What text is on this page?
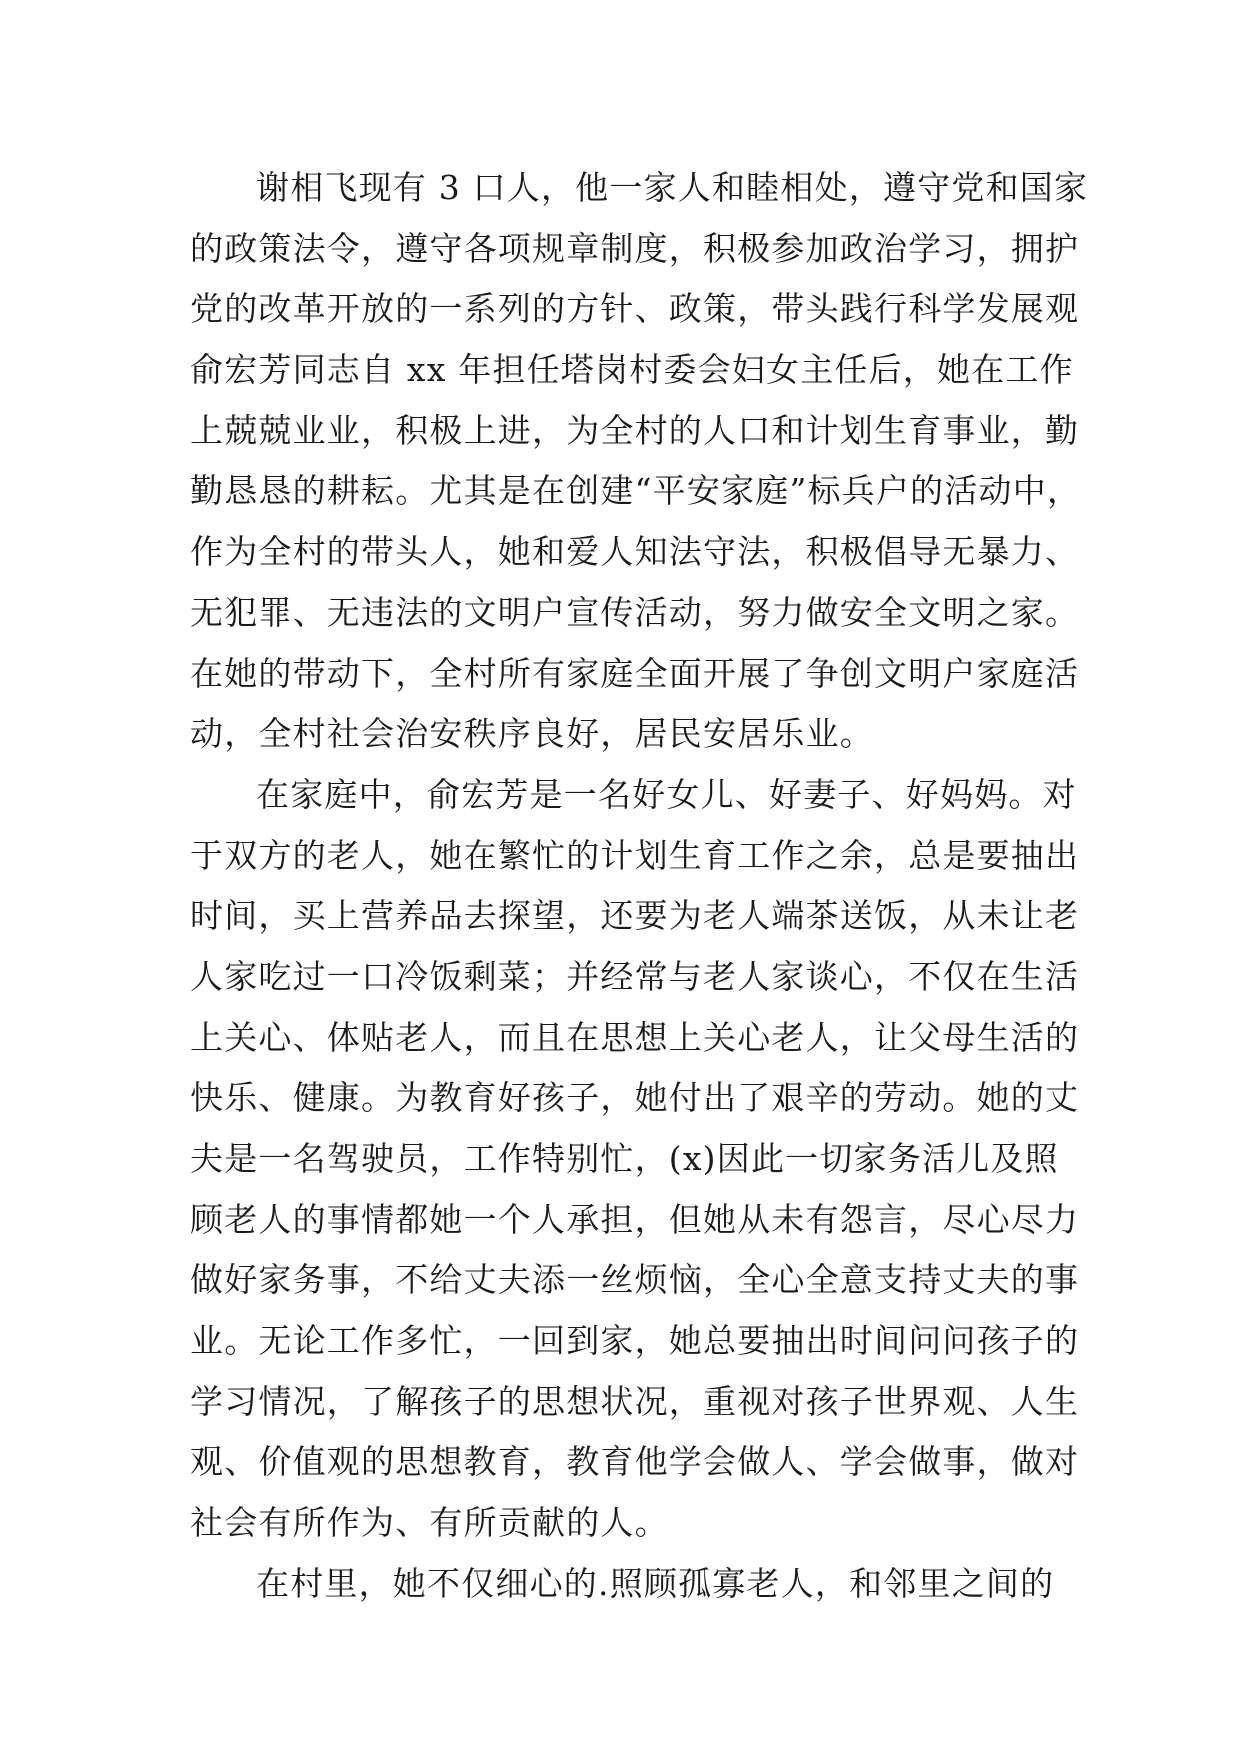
谢相飞现有 3 口人，他一家人和睦相处，遵守党和国家
的政策法令，遵守各项规章制度，积极参加政治学习，拥护
党的改革开放的一系列的方针、政策，带头践行科学发展观
俞宏芳同志自 xx 年担任塔岗村委会妇女主任后，她在工作
上兢兢业业，积极上进，为全村的人口和计划生育事业，勤
勤恳恳的耕耘。尤其是在创建“平安家庭”标兵户的活动中，
作为全村的带头人，她和爱人知法守法，积极倡导无暴力、
无犯罪、无违法的文明户宣传活动，努力做安全文明之家。
在她的带动下，全村所有家庭全面开展了争创文明户家庭活
动，全村社会治安秩序良好，居民安居乐业。
在家庭中，俞宏芳是一名好女儿、好妻子、好妈妈。对
于双方的老人，她在繁忙的计划生育工作之余，总是要抽出
时间，买上营养品去探望，还要为老人端茶送饭，从未让老
人家吃过一口冷饭剩菜；并经常与老人家谈心，不仅在生活
上关心、体贴老人，而且在思想上关心老人，让父母生活的
快乐、健康。为教育好孩子，她付出了艰辛的劳动。她的丈
夫是一名驾驶员，工作特别忙，(x)因此一切家务活儿及照
顾老人的事情都她一个人承担，但她从未有怨言，尽心尽力
做好家务事，不给丈夫添一丝烦恼，全心全意支持丈夫的事
业。无论工作多忙，一回到家，她总要抽出时间问问孩子的
学习情况，了解孩子的思想状况，重视对孩子世界观、人生
观、价值观的思想教育，教育他学会做人、学会做事，做对
社会有所作为、有所贡献的人。
在村里，她不仅细心的.照顾孤寡老人，和邻里之间的
